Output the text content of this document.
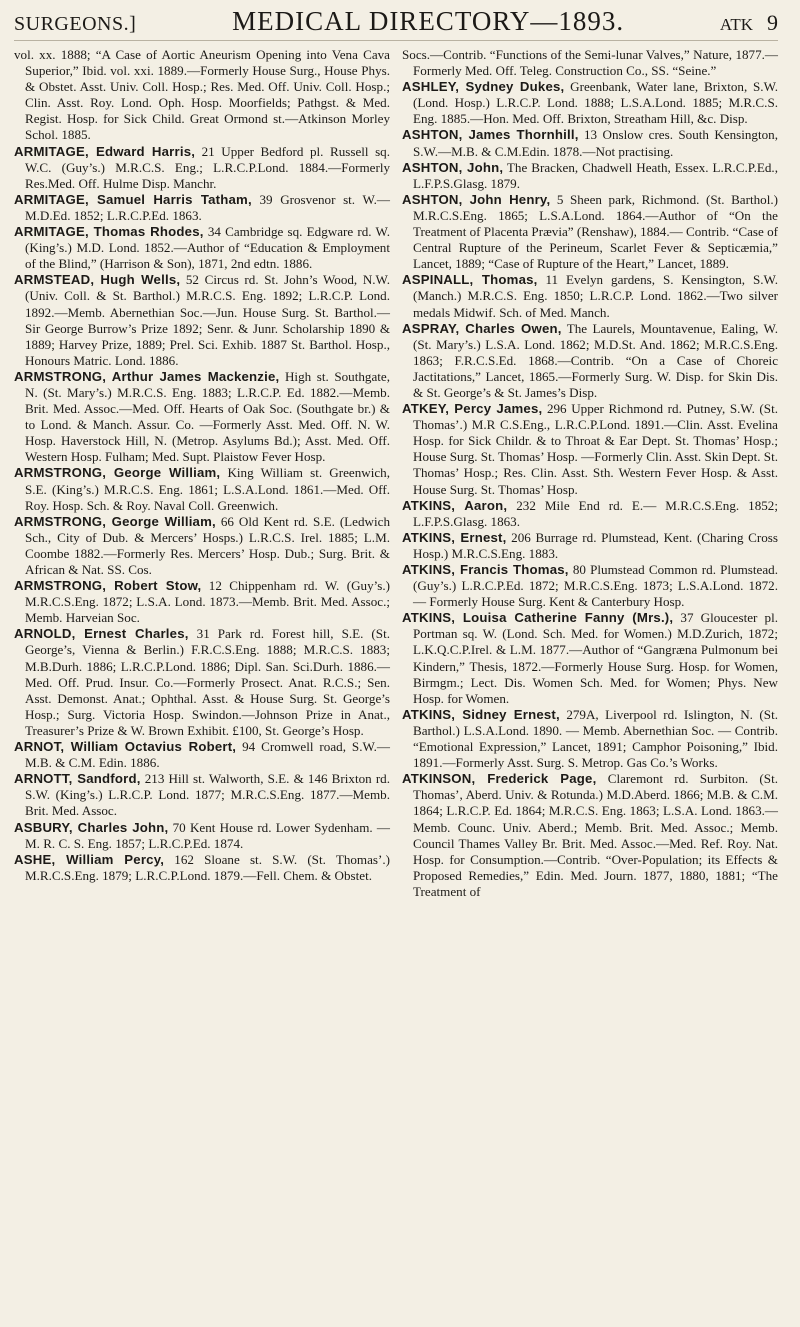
SURGEONS.]	MEDICAL DIRECTORY—1893.	ATK 9

vol. xx. 1888; “A Case of Aortic Aneurism Opening into Vena Cava Superior,” Ibid. vol. xxi. 1889.—Formerly House Surg., House Phys. & Obstet. Asst. Univ. Coll. Hosp.; Res. Med. Off. Univ. Coll. Hosp.; Clin. Asst. Roy. Lond. Oph. Hosp. Moorfields; Pathgst. & Med. Regist. Hosp. for Sick Child. Great Ormond st.—Atkinson Morley Schol. 1885.

ARMITAGE, Edward Harris, 21 Upper Bedford pl. Russell sq. W.C. (Guy’s.) M.R.C.S. Eng.; L.R.C.P.Lond. 1884.—Formerly Res.Med. Off. Hulme Disp. Manchr.

ARMITAGE, Samuel Harris Tatham, 39 Grosvenor st. W.—M.D.Ed. 1852; L.R.C.P.Ed. 1863.

ARMITAGE, Thomas Rhodes, 34 Cambridge sq. Edgware rd. W. (King’s.) M.D. Lond. 1852.—Author of “Education & Employment of the Blind,” (Harrison & Son), 1871, 2nd edtn. 1886.

ARMSTEAD, Hugh Wells, 52 Circus rd. St. John’s Wood, N.W. (Univ. Coll. & St. Barthol.) M.R.C.S. Eng. 1892; L.R.C.P. Lond. 1892.—Memb. Abernethian Soc.—Jun. House Surg. St. Barthol.—Sir George Burrow’s Prize 1892; Senr. & Junr. Scholarship 1890 & 1889; Harvey Prize, 1889; Prel. Sci. Exhib. 1887 St. Barthol. Hosp., Honours Matric. Lond. 1886.

ARMSTRONG, Arthur James Mackenzie, High st. Southgate, N. (St. Mary’s.) M.R.C.S. Eng. 1883; L.R.C.P. Ed. 1882.—Memb. Brit. Med. Assoc.—Med. Off. Hearts of Oak Soc. (Southgate br.) & to Lond. & Manch. Assur. Co. —Formerly Asst. Med. Off. N. W. Hosp. Haverstock Hill, N. (Metrop. Asylums Bd.); Asst. Med. Off. Western Hosp. Fulham; Med. Supt. Plaistow Fever Hosp.

ARMSTRONG, George William, King William st. Greenwich, S.E. (King’s.) M.R.C.S. Eng. 1861; L.S.A.Lond. 1861.—Med. Off. Roy. Hosp. Sch. & Roy. Naval Coll. Greenwich.

ARMSTRONG, George William, 66 Old Kent rd. S.E. (Ledwich Sch., City of Dub. & Mercers’ Hosps.) L.R.C.S. Irel. 1885; L.M. Coombe 1882.—Formerly Res. Mercers’ Hosp. Dub.; Surg. Brit. & African & Nat. SS. Cos.

ARMSTRONG, Robert Stow, 12 Chippenham rd. W. (Guy’s.) M.R.C.S.Eng. 1872; L.S.A. Lond. 1873.—Memb. Brit. Med. Assoc.; Memb. Harveian Soc.

ARNOLD, Ernest Charles, 31 Park rd. Forest hill, S.E. (St. George’s, Vienna & Berlin.) F.R.C.S.Eng. 1888; M.R.C.S. 1883; M.B.Durh. 1886; L.R.C.P.Lond. 1886; Dipl. San. Sci.Durh. 1886.—Med. Off. Prud. Insur. Co.—Formerly Prosect. Anat. R.C.S.; Sen. Asst. Demonst. Anat.; Ophthal. Asst. & House Surg. St. George’s Hosp.; Surg. Victoria Hosp. Swindon.—Johnson Prize in Anat., Treasurer’s Prize & W. Brown Exhibit. £100, St. George’s Hosp.

ARNOT, William Octavius Robert, 94 Cromwell road, S.W.—M.B. & C.M. Edin. 1886.

ARNOTT, Sandford, 213 Hill st. Walworth, S.E. & 146 Brixton rd. S.W. (King’s.) L.R.C.P. Lond. 1877; M.R.C.S.Eng. 1877.—Memb. Brit. Med. Assoc.

ASBURY, Charles John, 70 Kent House rd. Lower Sydenham. — M. R. C. S. Eng. 1857; L.R.C.P.Ed. 1874.

ASHE, William Percy, 162 Sloane st. S.W. (St. Thomas’.) M.R.C.S.Eng. 1879; L.R.C.P.Lond. 1879.—Fell. Chem. & Obstet.

Socs.—Contrib. “Functions of the Semi-lunar Valves,” Nature, 1877.—Formerly Med. Off. Teleg. Construction Co., SS. “Seine.”

ASHLEY, Sydney Dukes, Greenbank, Water lane, Brixton, S.W. (Lond. Hosp.) L.R.C.P. Lond. 1888; L.S.A.Lond. 1885; M.R.C.S. Eng. 1885.—Hon. Med. Off. Brixton, Streatham Hill, &c. Disp.

ASHTON, James Thornhill, 13 Onslow cres. South Kensington, S.W.—M.B. & C.M.Edin. 1878.—Not practising.

ASHTON, John, The Bracken, Chadwell Heath, Essex. L.R.C.P.Ed., L.F.P.S.Glasg. 1879.

ASHTON, John Henry, 5 Sheen park, Richmond. (St. Barthol.) M.R.C.S.Eng. 1865; L.S.A.Lond. 1864.—Author of “On the Treatment of Placenta Prævia” (Renshaw), 1884.— Contrib. “Case of Central Rupture of the Perineum, Scarlet Fever & Septicæmia,” Lancet, 1889; “Case of Rupture of the Heart,” Lancet, 1889.

ASPINALL, Thomas, 11 Evelyn gardens, S. Kensington, S.W. (Manch.) M.R.C.S. Eng. 1850; L.R.C.P. Lond. 1862.—Two silver medals Midwif. Sch. of Med. Manch.

ASPRAY, Charles Owen, The Laurels, Mountavenue, Ealing, W. (St. Mary’s.) L.S.A. Lond. 1862; M.D.St. And. 1862; M.R.C.S.Eng. 1863; F.R.C.S.Ed. 1868.—Contrib. “On a Case of Choreic Jactitations,” Lancet, 1865.—Formerly Surg. W. Disp. for Skin Dis. & St. George’s & St. James’s Disp.

ATKEY, Percy James, 296 Upper Richmond rd. Putney, S.W. (St. Thomas’.) M.R C.S.Eng., L.R.C.P.Lond. 1891.—Clin. Asst. Evelina Hosp. for Sick Childr. & to Throat & Ear Dept. St. Thomas’ Hosp.; House Surg. St. Thomas’ Hosp. —Formerly Clin. Asst. Skin Dept. St. Thomas’ Hosp.; Res. Clin. Asst. Sth. Western Fever Hosp. & Asst. House Surg. St. Thomas’ Hosp.

ATKINS, Aaron, 232 Mile End rd. E.— M.R.C.S.Eng. 1852; L.F.P.S.Glasg. 1863.

ATKINS, Ernest, 206 Burrage rd. Plumstead, Kent. (Charing Cross Hosp.) M.R.C.S.Eng. 1883.

ATKINS, Francis Thomas, 80 Plumstead Common rd. Plumstead. (Guy’s.) L.R.C.P.Ed. 1872; M.R.C.S.Eng. 1873; L.S.A.Lond. 1872.— Formerly House Surg. Kent & Canterbury Hosp.

ATKINS, Louisa Catherine Fanny (Mrs.), 37 Gloucester pl. Portman sq. W. (Lond. Sch. Med. for Women.) M.D.Zurich, 1872; L.K.Q.C.P.Irel. & L.M. 1877.—Author of “Gangræna Pulmonum bei Kindern,” Thesis, 1872.—Formerly House Surg. Hosp. for Women, Birmgm.; Lect. Dis. Women Sch. Med. for Women; Phys. New Hosp. for Women.

ATKINS, Sidney Ernest, 279A, Liverpool rd. Islington, N. (St. Barthol.) L.S.A.Lond. 1890. — Memb. Abernethian Soc. — Contrib. “Emotional Expression,” Lancet, 1891; Camphor Poisoning,” Ibid. 1891.—Formerly Asst. Surg. S. Metrop. Gas Co.’s Works.

ATKINSON, Frederick Page, Claremont rd. Surbiton. (St. Thomas’, Aberd. Univ. & Rotunda.) M.D.Aberd. 1866; M.B. & C.M. 1864; L.R.C.P. Ed. 1864; M.R.C.S. Eng. 1863; L.S.A. Lond. 1863.—Memb. Counc. Univ. Aberd.; Memb. Brit. Med. Assoc.; Memb. Council Thames Valley Br. Brit. Med. Assoc.—Med. Ref. Roy. Nat. Hosp. for Consumption.—Contrib. “Over-Population; its Effects & Proposed Remedies,” Edin. Med. Journ. 1877, 1880, 1881; “The Treatment of
